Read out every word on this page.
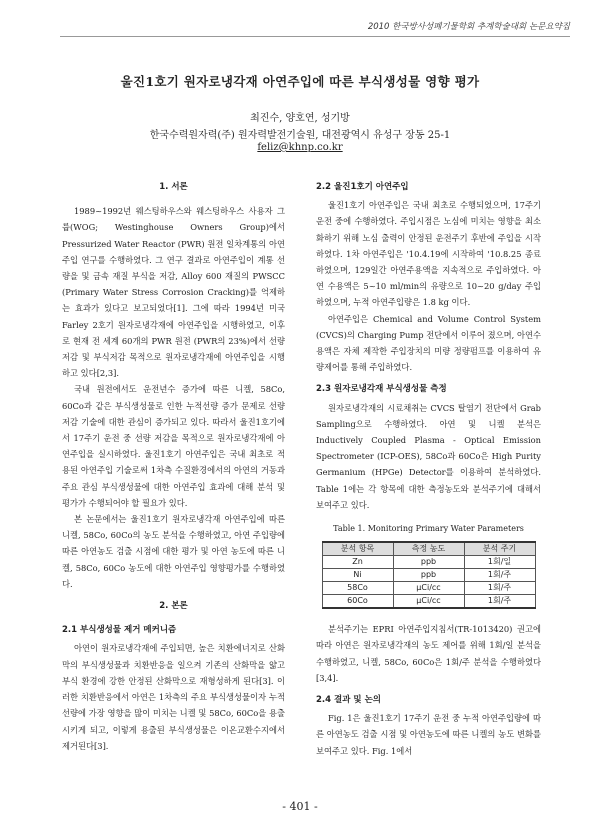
2010 한국방사성폐기물학회 추계학술대회 논문요약집
울진1호기 원자로냉각재 아연주입에 따른 부식생성물 영향 평가
최진수, 양호연, 성기방
한국수력원자력(주) 원자력발전기술원, 대전광역시 유성구 장동 25-1
feliz@khnp.co.kr

1. 서론

1989~1992년 웨스팅하우스와 웨스팅하우스 사용자 그룹(WOG; Westinghouse Owners Group)에서 Pressurized Water Reactor (PWR) 원전 일차계통의 아연주입 연구를 수행하였다. 그 연구 결과로 아연주입이 계통 선량을 및 금속 재질 부식을 저감, Alloy 600 재질의 PWSCC (Primary Water Stress Corrosion Cracking)를 억제하는 효과가 있다고 보고되었다[1]. 그에 따라 1994년 미국 Farley 2호기 원자로냉각재에 아연주입을 시행하였고, 이후로 현재 전 세계 60개의 PWR 원전 (PWR의 23%)에서 선량저감 및 부식저감 목적으로 원자로냉각재에 아연주입을 시행하고 있다[2,3].

국내 원전에서도 운전년수 증가에 따른 니켈, 58Co, 60Co과 같은 부식생성물로 인한 누적선량 증가 문제로 선량저감 기술에 대한 관심이 증가되고 있다. 따라서 울진1호기에서 17주기 운전 중 선량 저감을 목적으로 원자로냉각재에 아연주입을 실시하였다. 울진1호기 아연주입은 국내 최초로 적용된 아연주입 기술로써 1차측 수질환경에서의 아연의 거동과 주요 관심 부식생성물에 대한 아연주입 효과에 대해 분석 및 평가가 수행되어야 할 필요가 있다.

본 논문에서는 울진1호기 원자로냉각재 아연주입에 따른 니켈, 58Co, 60Co의 농도 분석을 수행하였고, 아연 주입량에 따른 아연농도 검출 시점에 대한 평가 및 아연 농도에 따른 니켈, 58Co, 60Co 농도에 대한 아연주입 영향평가를 수행하였다.

2. 본론

2.1 부식생성물 제거 메커니즘

아연이 원자로냉각재에 주입되면, 높은 치환에너지로 산화막의 부식생성물과 치환반응을 일으켜 기존의 산화막을 얇고 부식 환경에 강한 안정된 산화막으로 재형성하게 된다[3]. 이러한 치환반응에서 아연은 1차측의 주요 부식생성물이자 누적선량에 가장 영향을 많이 미치는 니켈 및 58Co, 60Co을 용출시키게 되고, 이렇게 용출된 부식생성물은 이온교환수지에서 제거된다[3].

2.2 울진1호기 아연주입

울진1호기 아연주입은 국내 최초로 수행되었으며, 17주기 운전 중에 수행하였다. 주입시점은 노심에 미치는 영향을 최소화하기 위해 노심 출력이 안정된 운전주기 후반에 주입을 시작하였다. 1차 아연주입은 '10.4.19에 시작하여 '10.8.25 종료하였으며, 129일간 아연주용액을 지속적으로 주입하였다. 아연 수용액은 5~10 ml/min의 유량으로 10~20 g/day 주입하였으며, 누적 아연주입량은 1.8 kg 이다.

아연주입은 Chemical and Volume Control System (CVCS)의 Charging Pump 전단에서 이루어 졌으며, 아연수용액은 자체 제작한 주입장치의 미량 정량펌프를 이용하여 유량제어를 통해 주입하였다.

2.3 원자로냉각재 부식생성물 측정

원자로냉각재의 시료채취는 CVCS 탈염기 전단에서 Grab Sampling으로 수행하였다. 아연 및 니켈 분석은 Inductively Coupled Plasma - Optical Emission Spectrometer (ICP-OES), 58Co과 60Co은 High Purity Germanium (HPGe) Detector를 이용하여 분석하였다. Table 1에는 각 항목에 대한 측정농도와 분석주기에 대해서 보여주고 있다.

Table 1. Monitoring Primary Water Parameters
분석 항목	측정 농도	분석 주기
Zn	ppb	1회/일
Ni	ppb	1회/주
58Co	μCi/cc	1회/주
60Co	μCi/cc	1회/주

분석주기는 EPRI 아연주입지침서(TR-1013420) 권고에 따라 아연은 원자로냉각재의 농도 제어를 위해 1회/일 분석을 수행하였고, 니켈, 58Co, 60Co은 1회/주 분석을 수행하였다[3,4].

2.4 결과 및 논의

Fig. 1은 울진1호기 17주기 운전 중 누적 아연주입량에 따른 아연농도 검출 시점 및 아연농도에 따른 니켈의 농도 변화를 보여주고 있다. Fig. 1에서

- 401 -
